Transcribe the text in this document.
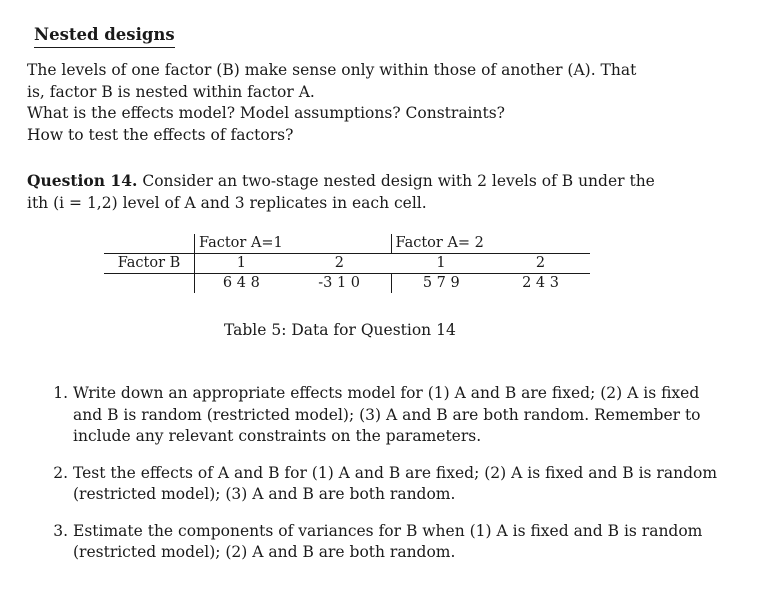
Nested designs
The levels of one factor (B) make sense only within those of another (A). That
is, factor B is nested within factor A.
What is the effects model? Model assumptions? Constraints?
How to test the effects of factors?
Question 14. Consider an two-stage nested design with 2 levels of B under the
ith (i = 1,2) level of A and 3 replicates in each cell.
	Factor A=1		Factor A= 2	
Factor B	1	2	1	2
	6 4 8	-3 1 0	5 7 9	2 4 3
Table 5: Data for Question 14
1. Write down an appropriate effects model for (1) A and B are fixed; (2) A is fixed and B is random (restricted model); (3) A and B are both random. Remember to include any relevant constraints on the parameters.
2. Test the effects of A and B for (1) A and B are fixed; (2) A is fixed and B is random (restricted model); (3) A and B are both random.
3. Estimate the components of variances for B when (1) A is fixed and B is random (restricted model); (2) A and B are both random.
